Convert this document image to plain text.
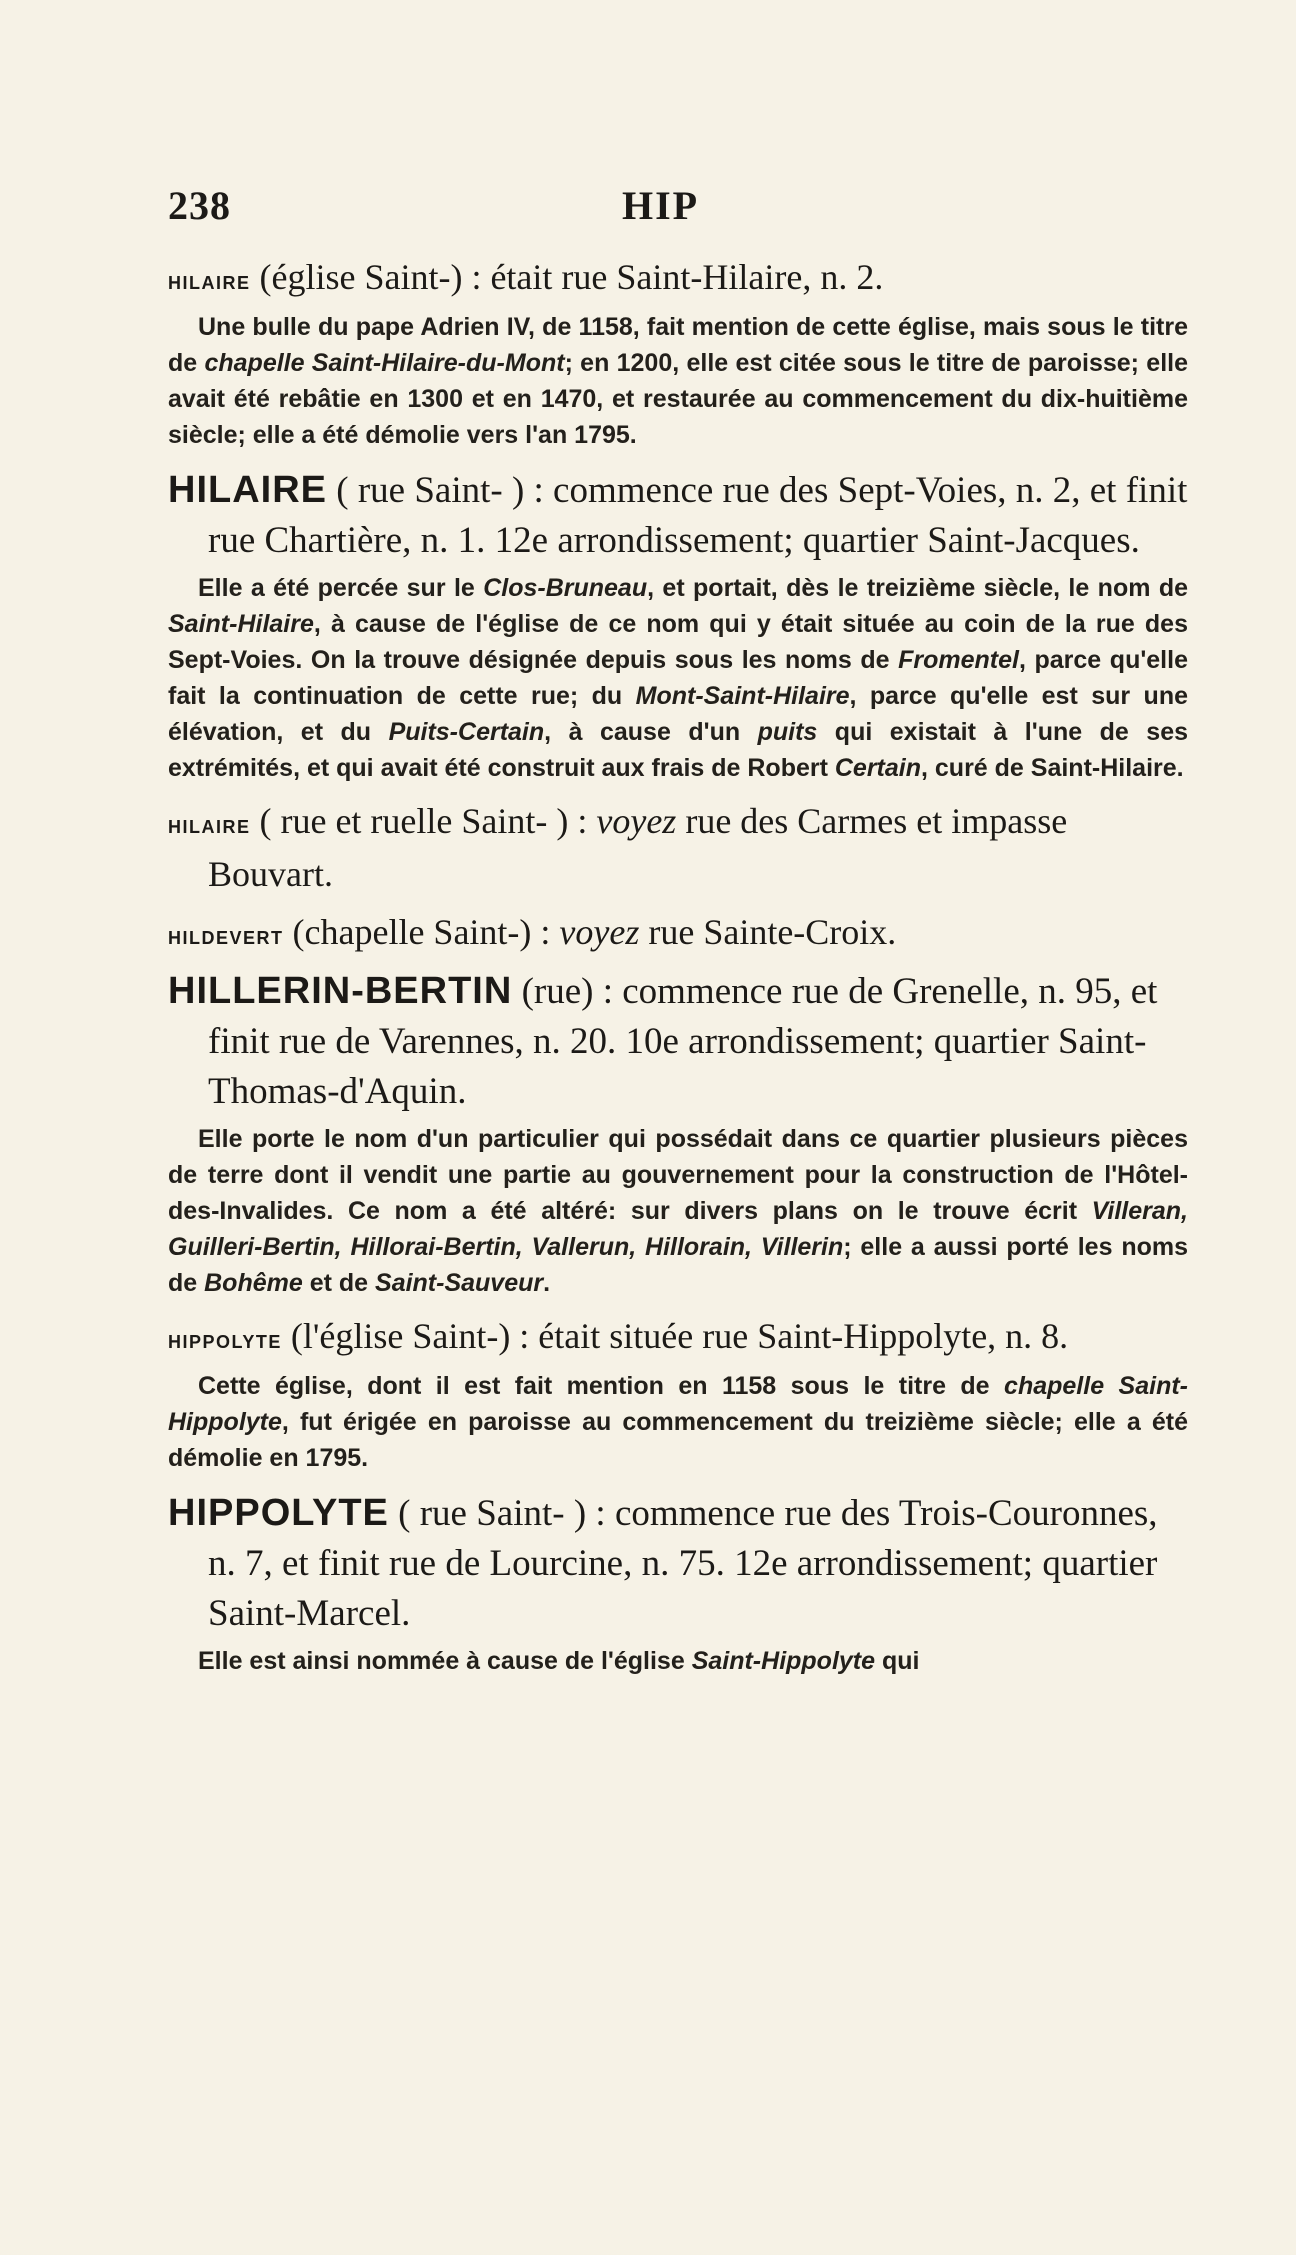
238	HIP

hilaire (église Saint-) : était rue Saint-Hilaire, n. 2.

Une bulle du pape Adrien IV, de 1158, fait mention de cette église, mais sous le titre de chapelle Saint-Hilaire-du-Mont; en 1200, elle est citée sous le titre de paroisse; elle avait été rebâtie en 1300 et en 1470, et restaurée au commencement du dix-huitième siècle; elle a été démolie vers l'an 1795.

HILAIRE ( rue Saint- ) : commence rue des Sept-Voies, n. 2, et finit rue Chartière, n. 1. 12e arrondissement; quartier Saint-Jacques.

Elle a été percée sur le Clos-Bruneau, et portait, dès le treizième siècle, le nom de Saint-Hilaire, à cause de l'église de ce nom qui y était située au coin de la rue des Sept-Voies. On la trouve désignée depuis sous les noms de Fromentel, parce qu'elle fait la continuation de cette rue; du Mont-Saint-Hilaire, parce qu'elle est sur une élévation, et du Puits-Certain, à cause d'un puits qui existait à l'une de ses extrémités, et qui avait été construit aux frais de Robert Certain, curé de Saint-Hilaire.

hilaire ( rue et ruelle Saint- ) : voyez rue des Carmes et impasse Bouvart.

hildevert (chapelle Saint-) : voyez rue Sainte-Croix.

HILLERIN-BERTIN (rue) : commence rue de Grenelle, n. 95, et finit rue de Varennes, n. 20. 10e arrondissement; quartier Saint-Thomas-d'Aquin.

Elle porte le nom d'un particulier qui possédait dans ce quartier plusieurs pièces de terre dont il vendit une partie au gouvernement pour la construction de l'Hôtel-des-Invalides. Ce nom a été altéré: sur divers plans on le trouve écrit Villeran, Guilleri-Bertin, Hillorai-Bertin, Vallerun, Hillorain, Villerin; elle a aussi porté les noms de Bohême et de Saint-Sauveur.

hippolyte (l'église Saint-) : était située rue Saint-Hippolyte, n. 8.

Cette église, dont il est fait mention en 1158 sous le titre de chapelle Saint-Hippolyte, fut érigée en paroisse au commencement du treizième siècle; elle a été démolie en 1795.

HIPPOLYTE ( rue Saint- ) : commence rue des Trois-Couronnes, n. 7, et finit rue de Lourcine, n. 75. 12e arrondissement; quartier Saint-Marcel.

Elle est ainsi nommée à cause de l'église Saint-Hippolyte qui
